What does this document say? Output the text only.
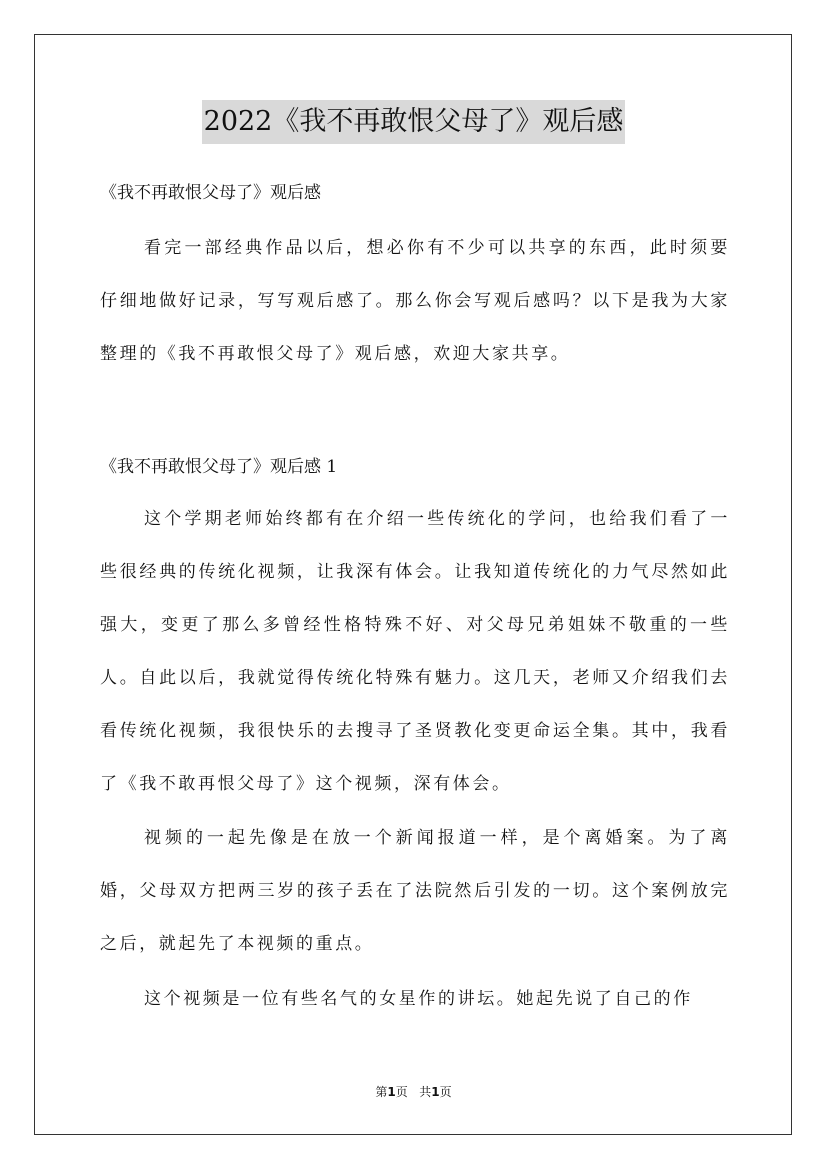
2022《我不再敢恨父母了》观后感
《我不再敢恨父母了》观后感
看完一部经典作品以后，想必你有不少可以共享的东西，此时须要仔细地做好记录，写写观后感了。那么你会写观后感吗？以下是我为大家整理的《我不再敢恨父母了》观后感，欢迎大家共享。
《我不再敢恨父母了》观后感 1
这个学期老师始终都有在介绍一些传统化的学问，也给我们看了一些很经典的传统化视频，让我深有体会。让我知道传统化的力气尽然如此强大，变更了那么多曾经性格特殊不好、对父母兄弟姐妹不敬重的一些人。自此以后，我就觉得传统化特殊有魅力。这几天，老师又介绍我们去看传统化视频，我很快乐的去搜寻了圣贤教化变更命运全集。其中，我看了《我不敢再恨父母了》这个视频，深有体会。
视频的一起先像是在放一个新闻报道一样，是个离婚案。为了离婚，父母双方把两三岁的孩子丢在了法院然后引发的一切。这个案例放完之后，就起先了本视频的重点。
这个视频是一位有些名气的女星作的讲坛。她起先说了自己的作
第1页 共1页
